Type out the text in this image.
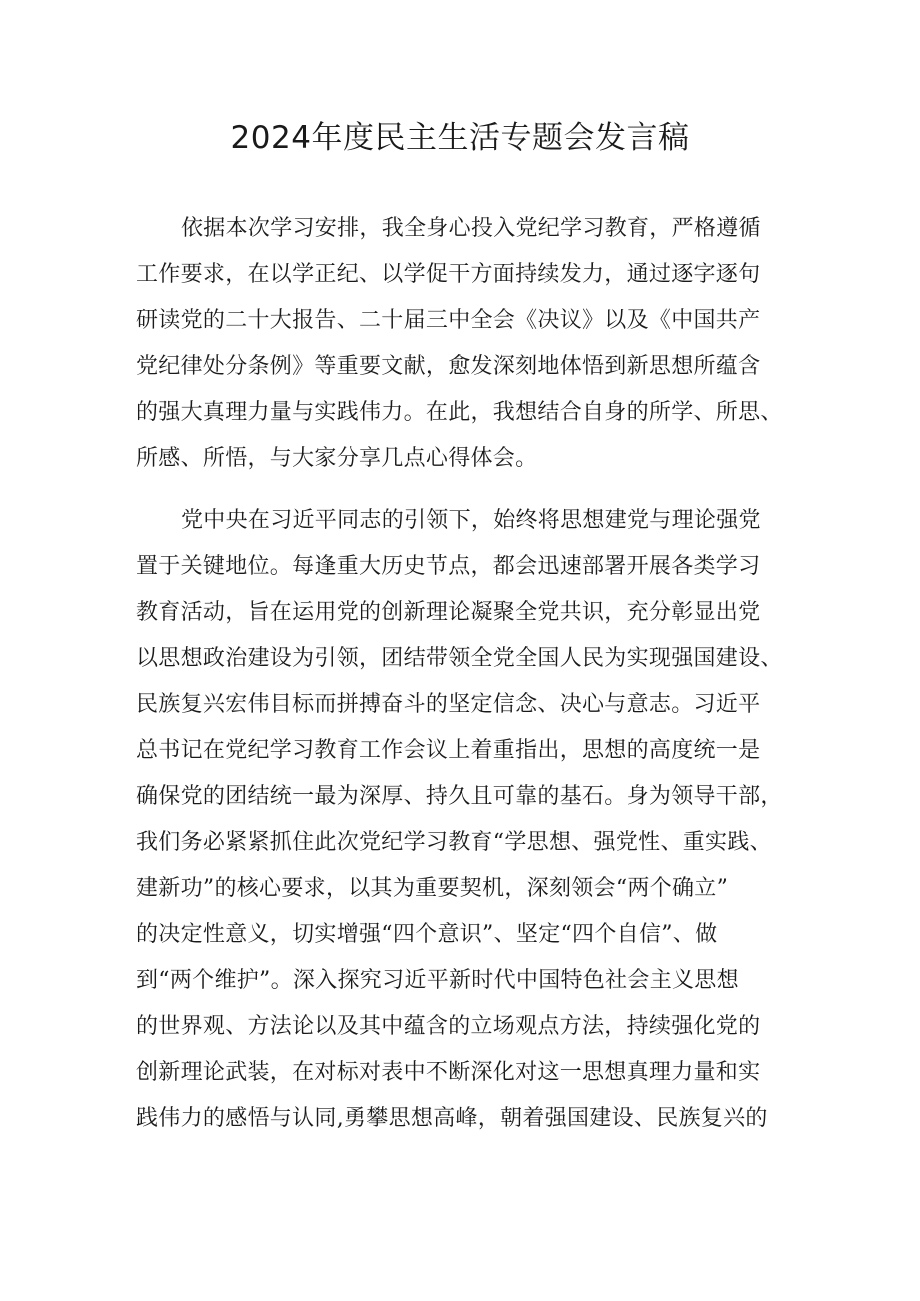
2024年度民主生活专题会发言稿
依据本次学习安排，我全身心投入党纪学习教育，严格遵循
工作要求，在以学正纪、以学促干方面持续发力，通过逐字逐句
研读党的二十大报告、二十届三中全会《决议》以及《中国共产
党纪律处分条例》等重要文献，愈发深刻地体悟到新思想所蕴含
的强大真理力量与实践伟力。在此，我想结合自身的所学、所思、
所感、所悟，与大家分享几点心得体会。
党中央在习近平同志的引领下，始终将思想建党与理论强党
置于关键地位。每逢重大历史节点，都会迅速部署开展各类学习
教育活动，旨在运用党的创新理论凝聚全党共识，充分彰显出党
以思想政治建设为引领，团结带领全党全国人民为实现强国建设、
民族复兴宏伟目标而拼搏奋斗的坚定信念、决心与意志。习近平
总书记在党纪学习教育工作会议上着重指出，思想的高度统一是
确保党的团结统一最为深厚、持久且可靠的基石。身为领导干部，
我们务必紧紧抓住此次党纪学习教育“学思想、强党性、重实践、
建新功”的核心要求，以其为重要契机，深刻领会“两个确立”
的决定性意义，切实增强“四个意识”、坚定“四个自信”、做
到“两个维护”。深入探究习近平新时代中国特色社会主义思想
的世界观、方法论以及其中蕴含的立场观点方法，持续强化党的
创新理论武装，在对标对表中不断深化对这一思想真理力量和实
践伟力的感悟与认同,勇攀思想高峰，朝着强国建设、民族复兴的
